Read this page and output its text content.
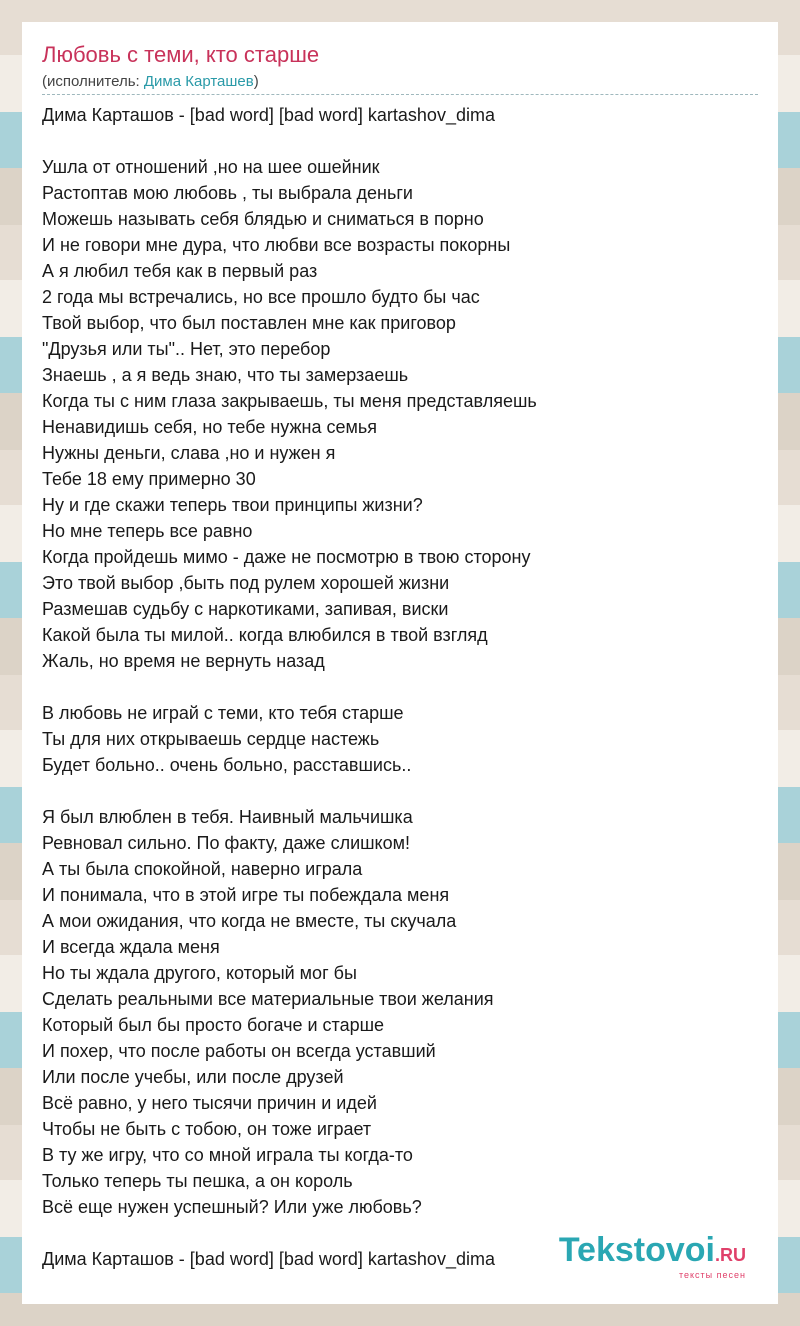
Любовь с теми, кто старше
(исполнитель: Дима Карташев)
Дима Карташов - [bad word] [bad word] kartashov_dima
Ушла от отношений ,но на шее ошейник
Растоптав мою любовь , ты выбрала деньги
Можешь называть себя блядью и сниматься в порно
И не говори мне дура, что любви все возрасты покорны
А я любил тебя как в первый раз
2 года мы встречались, но все прошло будто бы час
Твой выбор, что был поставлен мне как приговор
"Друзья или ты".. Нет, это перебор
Знаешь , а я ведь знаю, что ты замерзаешь
Когда ты с ним глаза закрываешь, ты меня представляешь
Ненавидишь себя, но тебе нужна семья
Нужны деньги, слава ,но и нужен я
Тебе 18 ему примерно 30
Ну и где скажи теперь твои принципы жизни?
Но мне теперь все равно
Когда пройдешь мимо - даже не посмотрю в твою сторону
Это твой выбор ,быть под рулем хорошей жизни
Размешав судьбу с наркотиками, запивая, виски
Какой была ты милой.. когда влюбился в твой взгляд
Жаль, но время не вернуть назад
В любовь не играй с теми, кто тебя старше
Ты для них открываешь сердце настежь
Будет больно.. очень больно, расставшись..
Я был влюблен в тебя. Наивный мальчишка
Ревновал сильно. По факту, даже слишком!
А ты была спокойной, наверно играла
И понимала, что в этой игре ты побеждала меня
А мои ожидания, что когда не вместе, ты скучала
И всегда ждала меня
Но ты ждала другого, который мог бы
Сделать реальными все материальные твои желания
Который был бы просто богаче и старше
И похер, что после работы он всегда уставший
Или после учебы, или после друзей
Всё равно, у него тысячи причин и идей
Чтобы не быть с тобою, он тоже играет
В ту же игру, что со мной играла ты когда-то
Только теперь ты пешка, а он король
Всё еще нужен успешный? Или уже любовь?
Дима Карташов - [bad word] [bad word] kartashov_dima	Tekstovoi.RU
тексты песен
